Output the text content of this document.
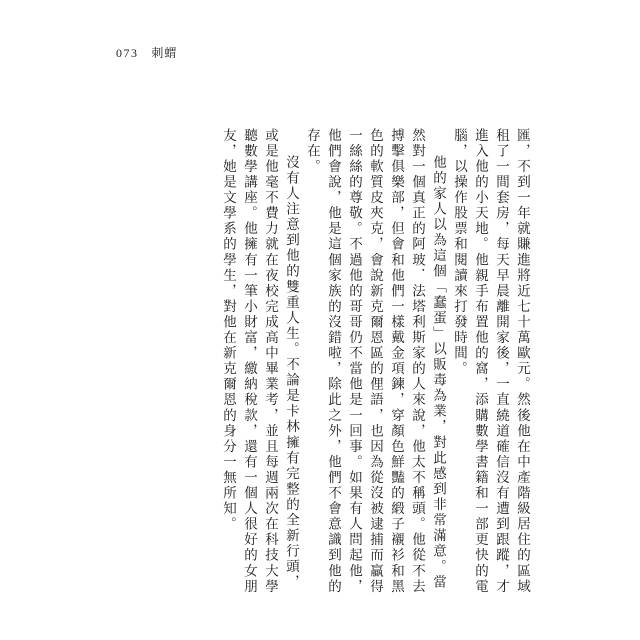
073 刺蝟

匯，不到一年就賺進將近七十萬歐元。然後他在中產階級居住的區域租了一間套房，每天早晨離開家後，一直繞道確信沒有遭到跟蹤，才進入他的小天地。他親手布置他的窩，添購數學書籍和一部更快的電腦，以操作股票和閱讀來打發時間。

他的家人以為這個「蠢蛋」以販毒為業，對此感到非常滿意。當然對一個真正的阿玻．法塔利斯家的人來說，他太不稱頭。他從不去搏擊俱樂部，但會和他們一樣戴金項鍊，穿顏色鮮豔的緞子襯衫和黑色的軟質皮夾克，會說新克爾恩區的俚語，也因為從沒被逮捕而贏得一絲絲的尊敬。不過他的哥哥仍不當他是一回事。如果有人問起他，他們會說，他是這個家族的沒錯啦，除此之外，他們不會意識到他的存在。

沒有人注意到他的雙重人生。不論是卡林擁有完整的全新行頭，或是他毫不費力就在夜校完成高中畢業考，並且每週兩次在科技大學聽數學講座。他擁有一筆小財富，繳納稅款，還有一個人很好的女朋友，她是文學系的學生，對他在新克爾恩的身分一無所知。
